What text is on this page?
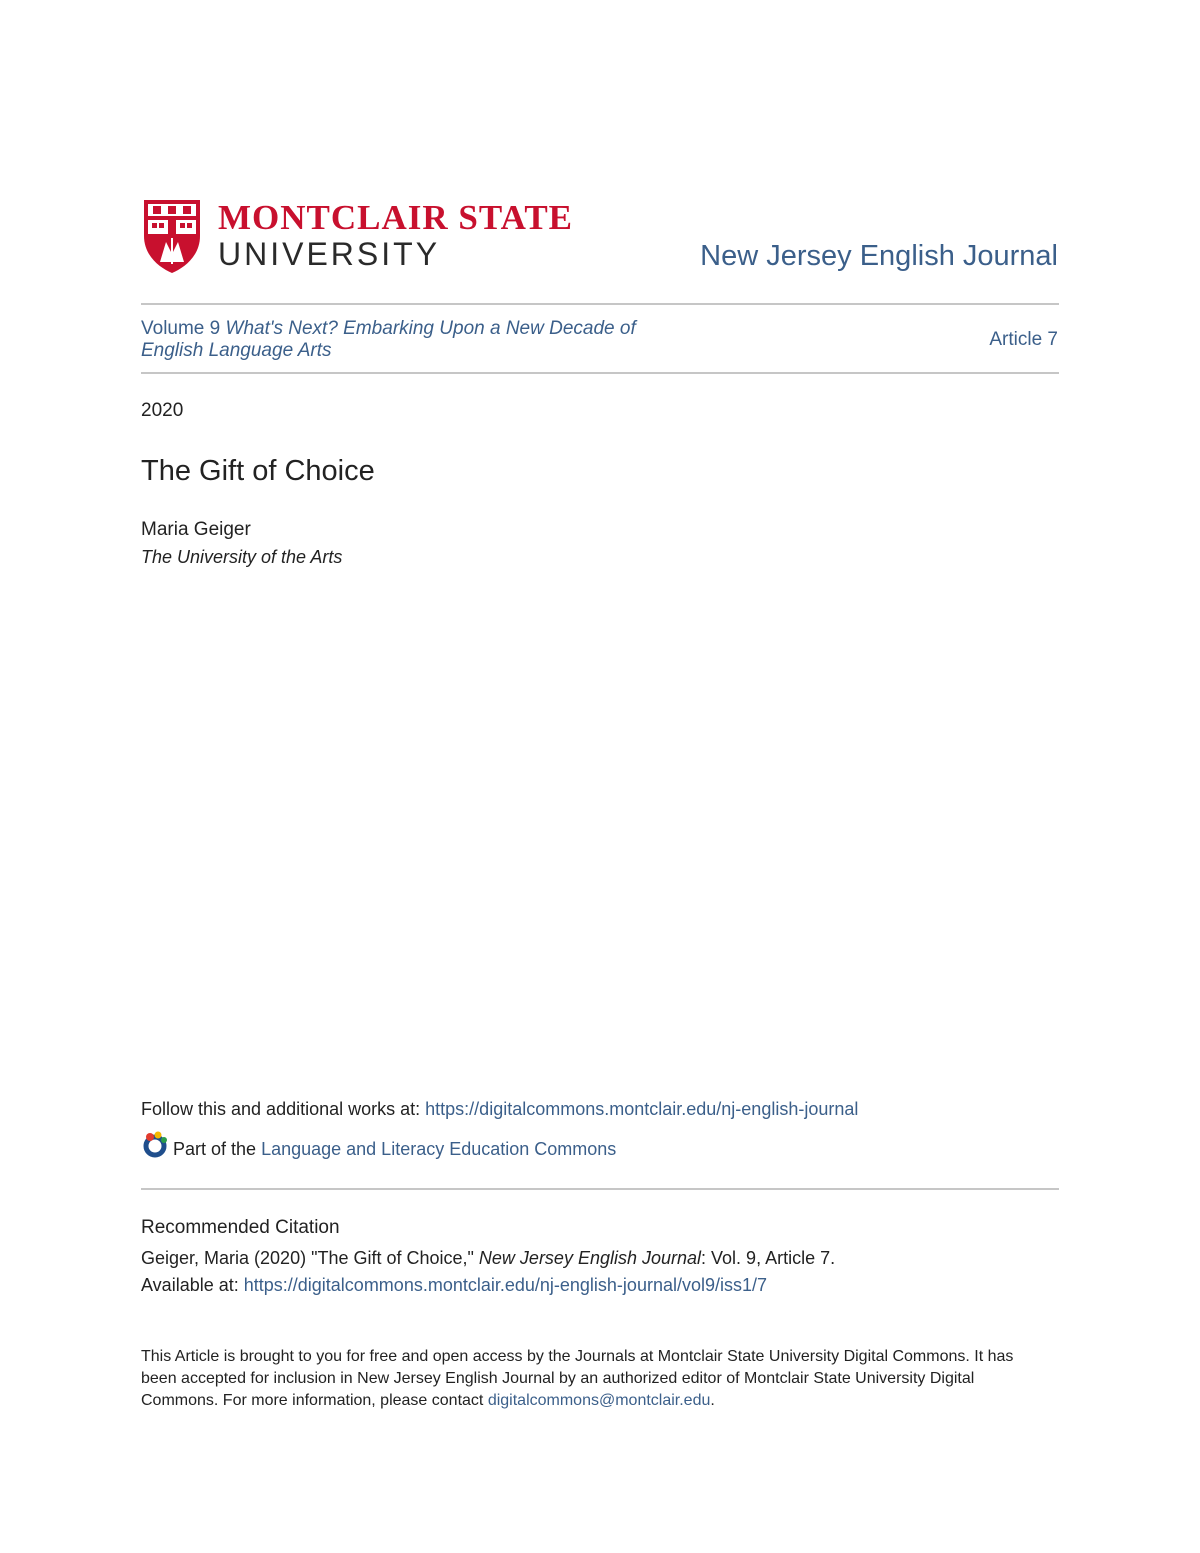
MONTCLAIR STATE
UNIVERSITY	New Jersey English Journal
Volume 9 What's Next? Embarking Upon a New Decade of English Language Arts
Article 7
2020
The Gift of Choice
Maria Geiger
The University of the Arts
Follow this and additional works at: https://digitalcommons.montclair.edu/nj-english-journal
Part of the Language and Literacy Education Commons
Recommended Citation
Geiger, Maria (2020) "The Gift of Choice," New Jersey English Journal: Vol. 9, Article 7.
Available at: https://digitalcommons.montclair.edu/nj-english-journal/vol9/iss1/7
This Article is brought to you for free and open access by the Journals at Montclair State University Digital Commons. It has been accepted for inclusion in New Jersey English Journal by an authorized editor of Montclair State University Digital Commons. For more information, please contact digitalcommons@montclair.edu.
